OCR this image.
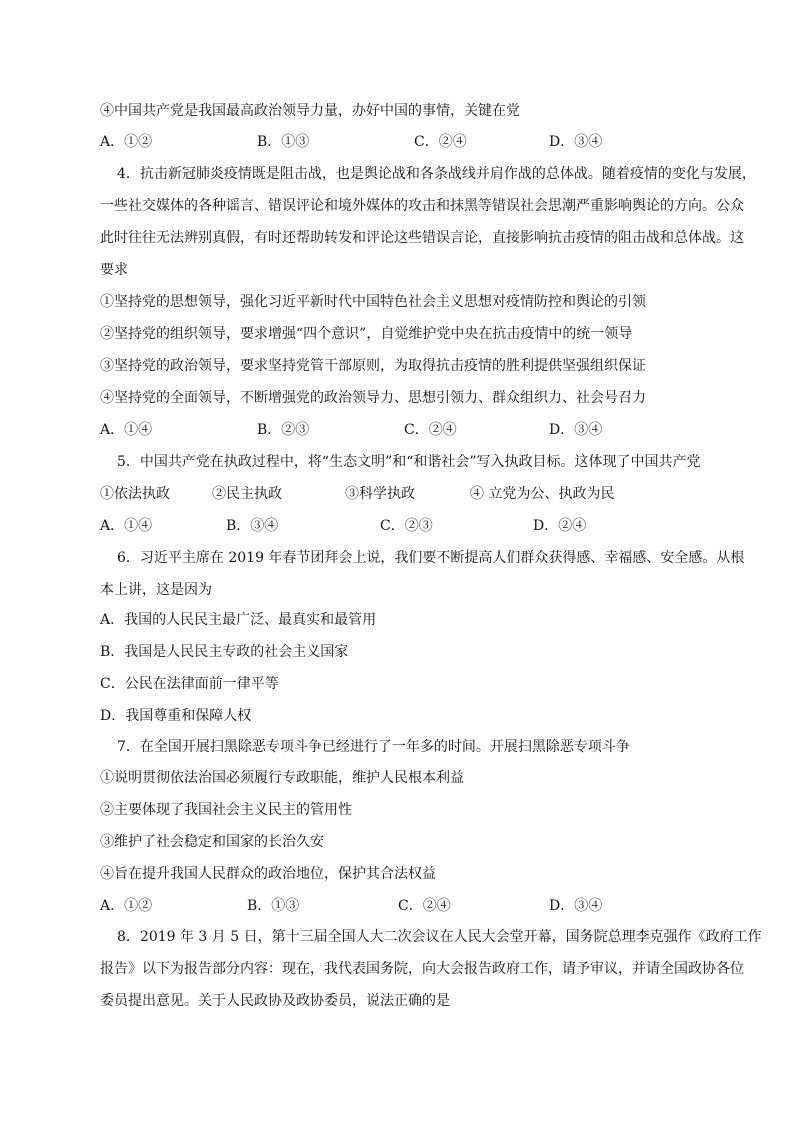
④中国共产党是我国最高政治领导力量，办好中国的事情，关键在党
A．①②	B．①③	C．②④	D．③④
4．抗击新冠肺炎疫情既是阻击战，也是舆论战和各条战线并肩作战的总体战。随着疫情的变化与发展，
一些社交媒体的各种谣言、错误评论和境外媒体的攻击和抹黑等错误社会思潮严重影响舆论的方向。公众
此时往往无法辨别真假，有时还帮助转发和评论这些错误言论，直接影响抗击疫情的阻击战和总体战。这
要求
①坚持党的思想领导，强化习近平新时代中国特色社会主义思想对疫情防控和舆论的引领
②坚持党的组织领导，要求增强“四个意识”，自觉维护党中央在抗击疫情中的统一领导
③坚持党的政治领导，要求坚持党管干部原则，为取得抗击疫情的胜利提供坚强组织保证
④坚持党的全面领导，不断增强党的政治领导力、思想引领力、群众组织力、社会号召力
A．①④	B．②③	C．②④	D．③④
5．中国共产党在执政过程中，将“生态文明”和“和谐社会”写入执政目标。这体现了中国共产党
①依法执政	②民主执政	③科学执政	④ 立党为公、执政为民
A．①④	B．③④	C．②③	D．②④
6．习近平主席在 2019 年春节团拜会上说，我们要不断提高人们群众获得感、幸福感、安全感。从根
本上讲，这是因为
A．我国的人民民主最广泛、最真实和最管用
B．我国是人民民主专政的社会主义国家
C．公民在法律面前一律平等
D．我国尊重和保障人权
7．在全国开展扫黑除恶专项斗争已经进行了一年多的时间。开展扫黑除恶专项斗争
①说明贯彻依法治国必须履行专政职能，维护人民根本利益
②主要体现了我国社会主义民主的管用性
③维护了社会稳定和国家的长治久安
④旨在提升我国人民群众的政治地位，保护其合法权益
A．①②	B．①③	C．②④	D．③④
8．2019 年 3 月 5 日，第十三届全国人大二次会议在人民大会堂开幕，国务院总理李克强作《政府工作
报告》以下为报告部分内容：现在，我代表国务院，向大会报告政府工作，请予审议，并请全国政协各位
委员提出意见。关于人民政协及政协委员，说法正确的是
